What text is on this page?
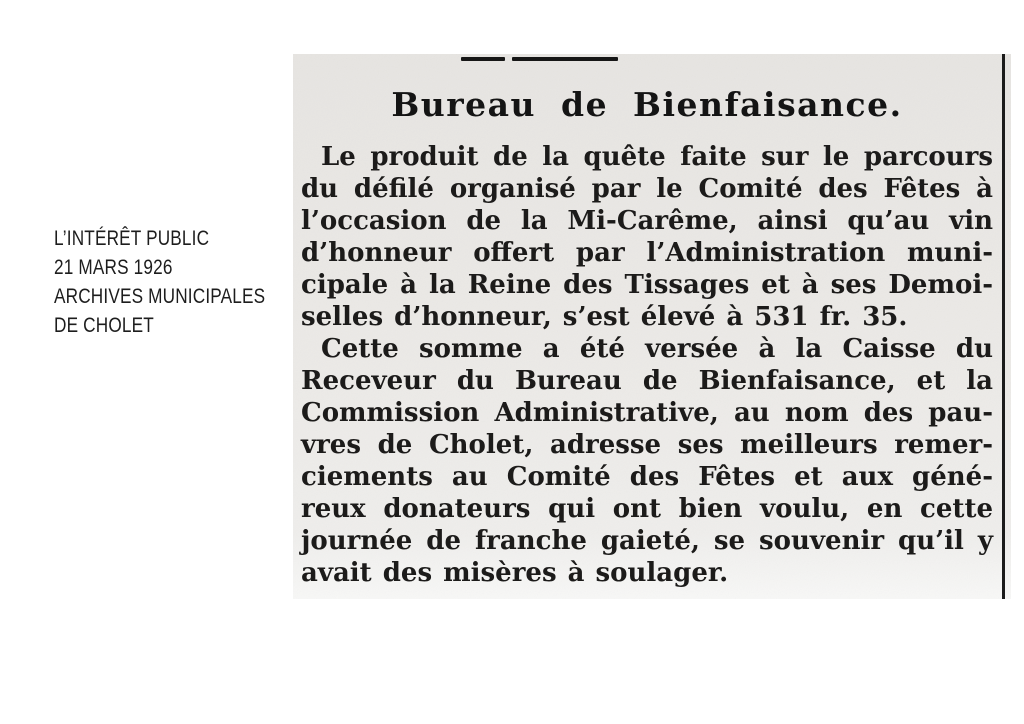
L’INTÉRÊT PUBLIC
21 MARS 1926
ARCHIVES MUNICIPALES
DE CHOLET
Bureau de Bienfaisance.
Le produit de la quête faite sur le parcours
du défilé organisé par le Comité des Fêtes à
l’occasion de la Mi-Carême, ainsi qu’au vin
d’honneur offert par l’Administration muni-
cipale à la Reine des Tissages et à ses Demoi-
selles d’honneur, s’est élevé à 531 fr. 35.
Cette somme a été versée à la Caisse du
Receveur du Bureau de Bienfaisance, et la
Commission Administrative, au nom des pau-
vres de Cholet, adresse ses meilleurs remer-
ciements au Comité des Fêtes et aux géné-
reux donateurs qui ont bien voulu, en cette
journée de franche gaieté, se souvenir qu’il y
avait des misères à soulager.
